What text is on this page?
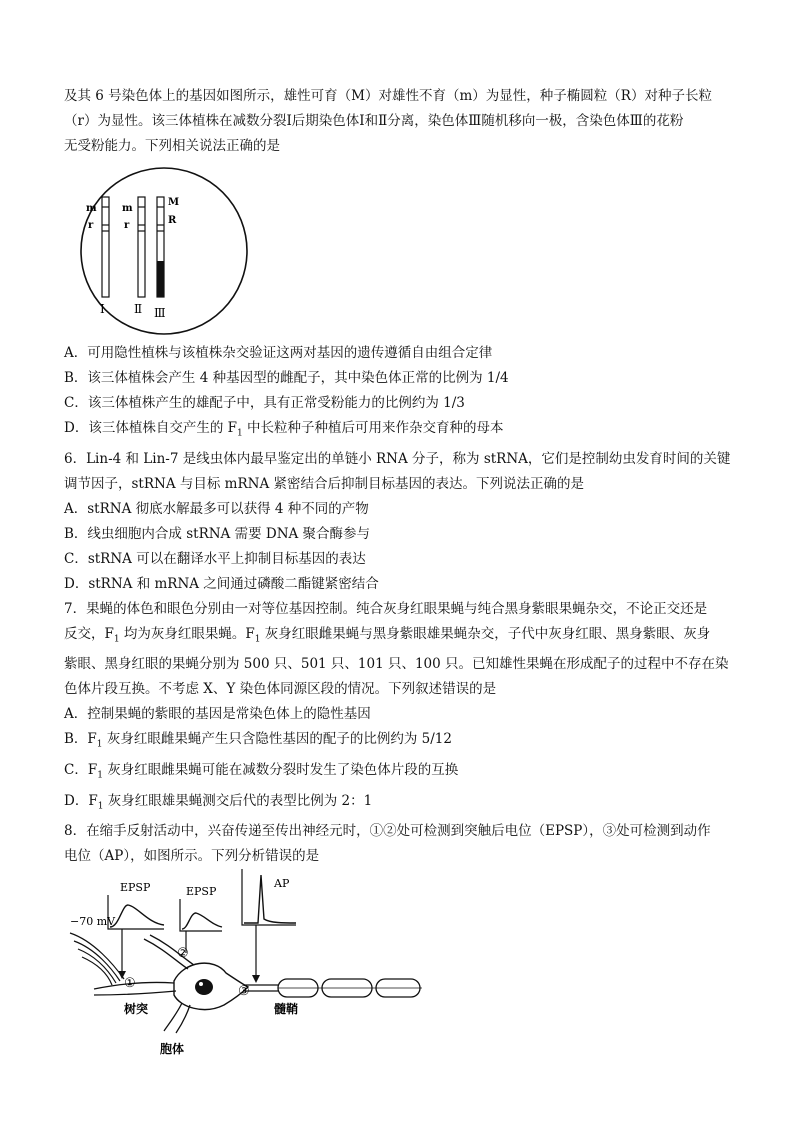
及其 6 号染色体上的基因如图所示，雄性可育（M）对雄性不育（m）为显性，种子椭圆粒（R）对种子长粒
（r）为显性。该三体植株在减数分裂Ⅰ后期染色体Ⅰ和Ⅱ分离，染色体Ⅲ随机移向一极，含染色体Ⅲ的花粉
无受粉能力。下列相关说法正确的是
m
r
Ⅰ
m
r
Ⅱ
M
R
Ⅲ
A．可用隐性植株与该植株杂交验证这两对基因的遗传遵循自由组合定律
B．该三体植株会产生 4 种基因型的雌配子，其中染色体正常的比例为 1/4
C．该三体植株产生的雄配子中，具有正常受粉能力的比例约为 1/3
D．该三体植株自交产生的 $F_1$ 中长粒种子种植后可用来作杂交育种的母本
6．Lin-4 和 Lin-7 是线虫体内最早鉴定出的单链小 RNA 分子，称为 stRNA，它们是控制幼虫发育时间的关键
调节因子，stRNA 与目标 mRNA 紧密结合后抑制目标基因的表达。下列说法正确的是
A．stRNA 彻底水解最多可以获得 4 种不同的产物
B．线虫细胞内合成 stRNA 需要 DNA 聚合酶参与
C．stRNA 可以在翻译水平上抑制目标基因的表达
D．stRNA 和 mRNA 之间通过磷酸二酯键紧密结合
7．果蝇的体色和眼色分别由一对等位基因控制。纯合灰身红眼果蝇与纯合黑身紫眼果蝇杂交，不论正交还是
反交，$F_1$ 均为灰身红眼果蝇。$F_1$ 灰身红眼雌果蝇与黑身紫眼雄果蝇杂交，子代中灰身红眼、黑身紫眼、灰身
紫眼、黑身红眼的果蝇分别为 500 只、501 只、101 只、100 只。已知雄性果蝇在形成配子的过程中不存在染
色体片段互换。不考虑 X、Y 染色体同源区段的情况。下列叙述错误的是
A．控制果蝇的紫眼的基因是常染色体上的隐性基因
B．$F_1$ 灰身红眼雌果蝇产生只含隐性基因的配子的比例约为 5/12
C．$F_1$ 灰身红眼雌果蝇可能在减数分裂时发生了染色体片段的互换
D．$F_1$ 灰身红眼雄果蝇测交后代的表型比例为 2：1
8．在缩手反射活动中，兴奋传递至传出神经元时，①②处可检测到突触后电位（EPSP），③处可检测到动作
电位（AP），如图所示。下列分析错误的是
EPSP
−70 mV
EPSP
AP
①
②
③
树突
胞体
髓鞘
